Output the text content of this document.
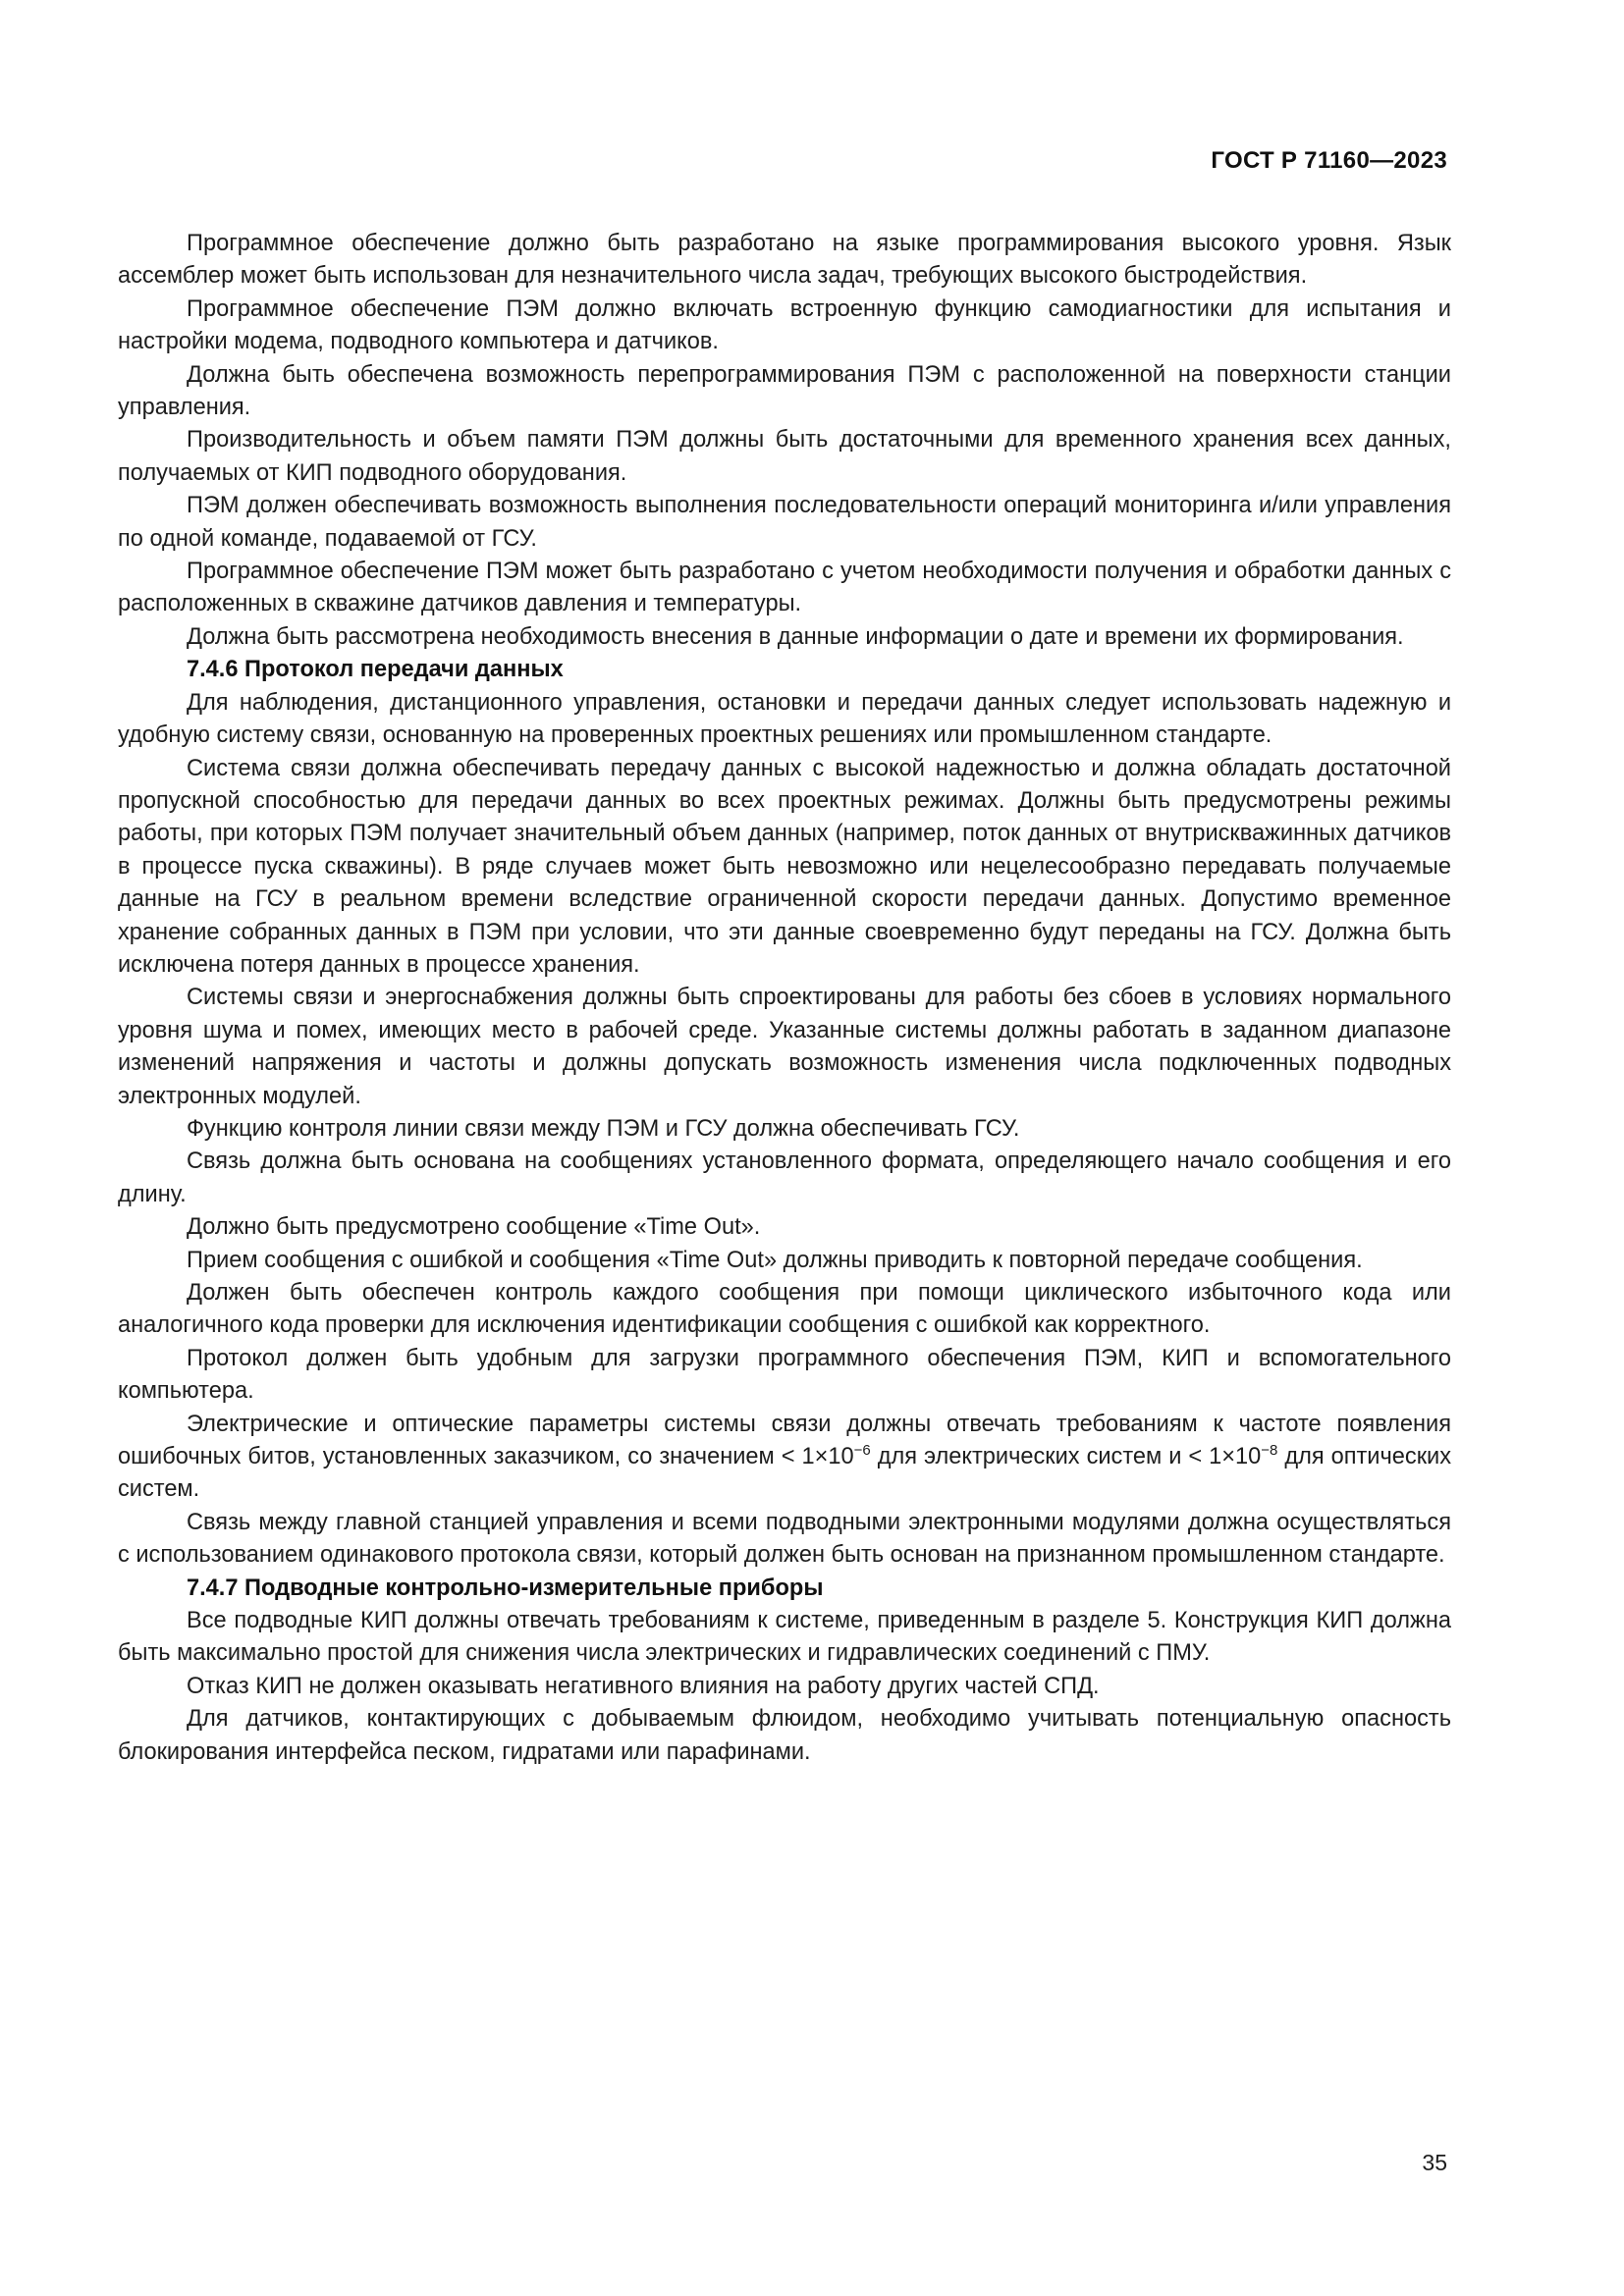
ГОСТ Р 71160—2023

Программное обеспечение должно быть разработано на языке программирования высокого уровня. Язык ассемблер может быть использован для незначительного числа задач, требующих высокого быстродействия.

Программное обеспечение ПЭМ должно включать встроенную функцию самодиагностики для испытания и настройки модема, подводного компьютера и датчиков.

Должна быть обеспечена возможность перепрограммирования ПЭМ с расположенной на поверхности станции управления.

Производительность и объем памяти ПЭМ должны быть достаточными для временного хранения всех данных, получаемых от КИП подводного оборудования.

ПЭМ должен обеспечивать возможность выполнения последовательности операций мониторинга и/или управления по одной команде, подаваемой от ГСУ.

Программное обеспечение ПЭМ может быть разработано с учетом необходимости получения и обработки данных с расположенных в скважине датчиков давления и температуры.

Должна быть рассмотрена необходимость внесения в данные информации о дате и времени их формирования.

7.4.6 Протокол передачи данных

Для наблюдения, дистанционного управления, остановки и передачи данных следует использовать надежную и удобную систему связи, основанную на проверенных проектных решениях или промышленном стандарте.

Система связи должна обеспечивать передачу данных с высокой надежностью и должна обладать достаточной пропускной способностью для передачи данных во всех проектных режимах. Должны быть предусмотрены режимы работы, при которых ПЭМ получает значительный объем данных (например, поток данных от внутрискважинных датчиков в процессе пуска скважины). В ряде случаев может быть невозможно или нецелесообразно передавать получаемые данные на ГСУ в реальном времени вследствие ограниченной скорости передачи данных. Допустимо временное хранение собранных данных в ПЭМ при условии, что эти данные своевременно будут переданы на ГСУ. Должна быть исключена потеря данных в процессе хранения.

Системы связи и энергоснабжения должны быть спроектированы для работы без сбоев в условиях нормального уровня шума и помех, имеющих место в рабочей среде. Указанные системы должны работать в заданном диапазоне изменений напряжения и частоты и должны допускать возможность изменения числа подключенных подводных электронных модулей.

Функцию контроля линии связи между ПЭМ и ГСУ должна обеспечивать ГСУ.

Связь должна быть основана на сообщениях установленного формата, определяющего начало сообщения и его длину.

Должно быть предусмотрено сообщение «Time Out».

Прием сообщения с ошибкой и сообщения «Time Out» должны приводить к повторной передаче сообщения.

Должен быть обеспечен контроль каждого сообщения при помощи циклического избыточного кода или аналогичного кода проверки для исключения идентификации сообщения с ошибкой как корректного.

Протокол должен быть удобным для загрузки программного обеспечения ПЭМ, КИП и вспомогательного компьютера.

Электрические и оптические параметры системы связи должны отвечать требованиям к частоте появления ошибочных битов, установленных заказчиком, со значением < $1\times 10^{-6}$ для электрических систем $и < 1\times 10^{-8}$ для оптических систем.

Связь между главной станцией управления и всеми подводными электронными модулями должна осуществляться с использованием одинакового протокола связи, который должен быть основан на признанном промышленном стандарте.

7.4.7 Подводные контрольно-измерительные приборы

Все подводные КИП должны отвечать требованиям к системе, приведенным в разделе 5. Конструкция КИП должна быть максимально простой для снижения числа электрических и гидравлических соединений с ПМУ.

Отказ КИП не должен оказывать негативного влияния на работу других частей СПД.

Для датчиков, контактирующих с добываемым флюидом, необходимо учитывать потенциальную опасность блокирования интерфейса песком, гидратами или парафинами.

35
